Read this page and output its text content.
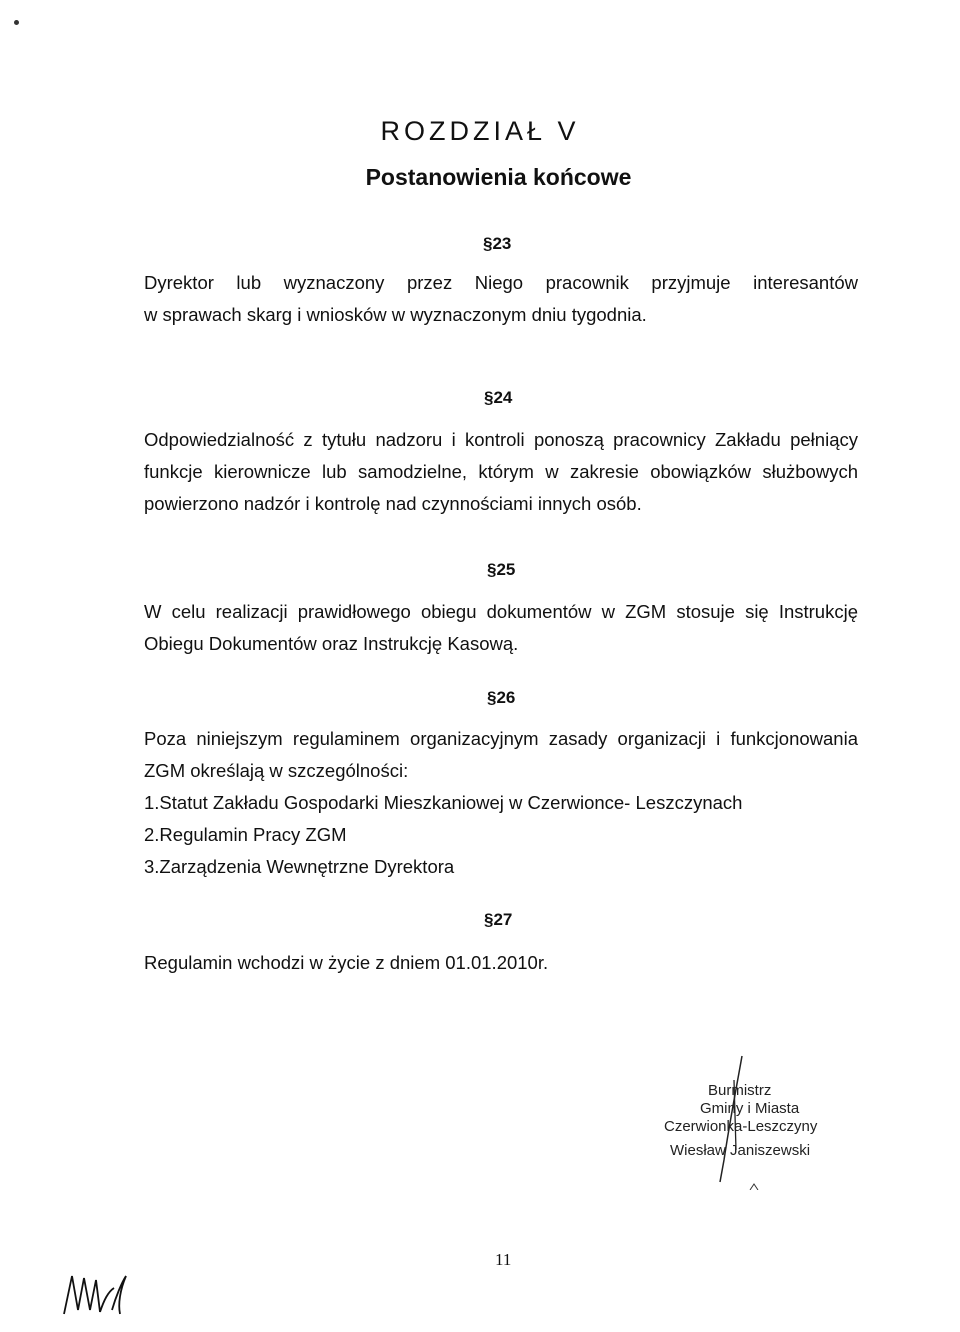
ROZDZIAŁ V
Postanowienia końcowe
§23
Dyrektor lub wyznaczony przez Niego pracownik przyjmuje interesantów
w sprawach skarg i wniosków w wyznaczonym dniu tygodnia.
§24
Odpowiedzialność z tytułu nadzoru i kontroli ponoszą pracownicy Zakładu pełniący
funkcje kierownicze lub samodzielne, którym w zakresie obowiązków służbowych
powierzono nadzór i kontrolę nad czynnościami innych osób.
§25
W celu realizacji prawidłowego obiegu dokumentów w ZGM stosuje się Instrukcję
Obiegu Dokumentów oraz Instrukcję Kasową.
§26
Poza niniejszym regulaminem organizacyjnym zasady organizacji i funkcjonowania
ZGM określają w szczególności:
1.Statut Zakładu Gospodarki Mieszkaniowej w Czerwionce- Leszczynach
2.Regulamin Pracy ZGM
3.Zarządzenia Wewnętrzne Dyrektora
§27
Regulamin wchodzi w życie z dniem 01.01.2010r.
Burmistrz
Gminy i Miasta
Czerwionka-Leszczyny
Wiesław Janiszewski
11
